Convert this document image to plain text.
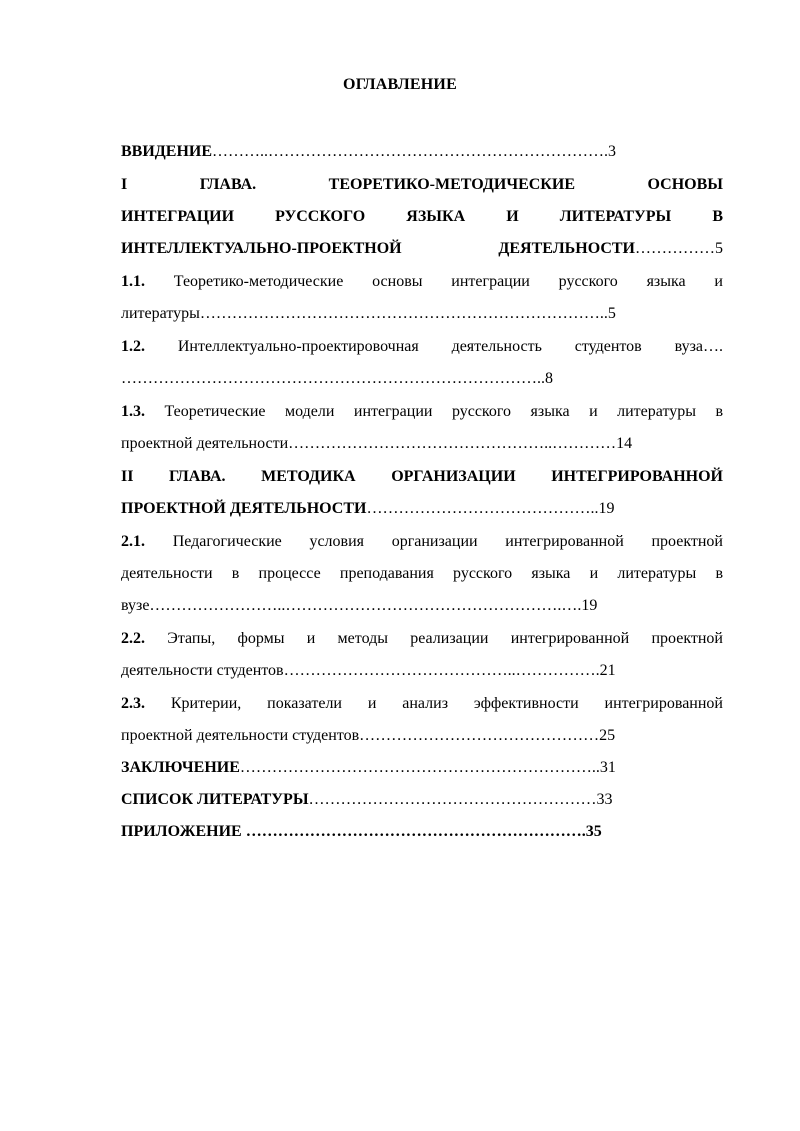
ОГЛАВЛЕНИЕ
ВВИДЕНИЕ………..……………………………………………………….3
I ГЛАВА. ТЕОРЕТИКО-МЕТОДИЧЕСКИЕ ОСНОВЫ
ИНТЕГРАЦИИ РУССКОГО ЯЗЫКА И ЛИТЕРАТУРЫ В
ИНТЕЛЛЕКТУАЛЬНО-ПРОЕКТНОЙ ДЕЯТЕЛЬНОСТИ……………5
1.1. Теоретико-методические основы интеграции русского языка и
литературы…………………………………………………………………..5
1.2. Интеллектуально-проектировочная деятельность студентов вуза….
……………………………………………………………………..8
1.3. Теоретические модели интеграции русского языка и литературы в
проектной деятельности…………………………………………..…………14
II ГЛАВА. МЕТОДИКА ОРГАНИЗАЦИИ ИНТЕГРИРОВАННОЙ
ПРОЕКТНОЙ ДЕЯТЕЛЬНОСТИ……………………………………..19
2.1. Педагогические условия организации интегрированной проектной
деятельности в процессе преподавания русского языка и литературы в
вузе……………………..…………………………………………….….19
2.2. Этапы, формы и методы реализации интегрированной проектной
деятельности студентов……………………………………..…………….21
2.3. Критерии, показатели и анализ эффективности интегрированной
проектной деятельности студентов………………………………………25
ЗАКЛЮЧЕНИЕ…………………………………………………………..31
СПИСОК ЛИТЕРАТУРЫ………………………………………………33
ПРИЛОЖЕНИЕ ……………………………………………………….35
